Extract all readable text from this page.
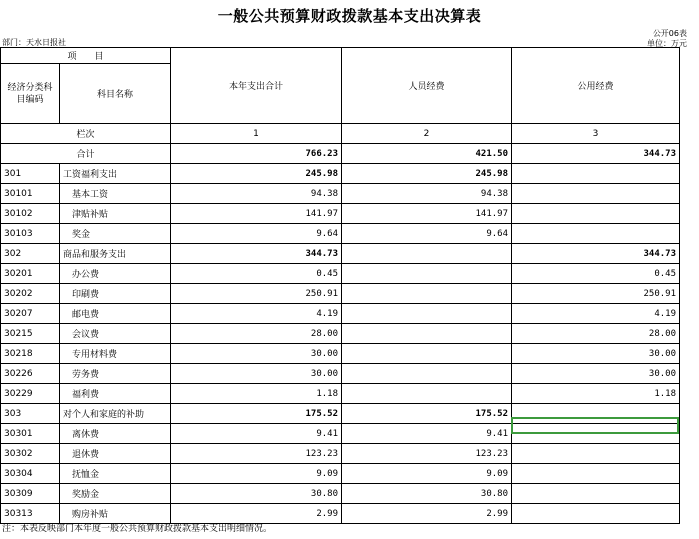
一般公共预算财政拨款基本支出决算表
部门：天水日报社
公开06表
单位：万元
项　　目		本年支出合计	人员经费	公用经费
经济分类科目编码	科目名称			

栏次		1	2	3
合计		766.23	421.50	344.73
301	工资福利支出	245.98	245.98	
30101	基本工资	94.38	94.38	
30102	津贴补贴	141.97	141.97	
30103	奖金	9.64	9.64	
302	商品和服务支出	344.73		344.73
30201	办公费	0.45		0.45
30202	印刷费	250.91		250.91
30207	邮电费	4.19		4.19
30215	会议费	28.00		28.00
30218	专用材料费	30.00		30.00
30226	劳务费	30.00		30.00
30229	福利费	1.18		1.18
303	对个人和家庭的补助	175.52	175.52	
30301	离休费	9.41	9.41	
30302	退休费	123.23	123.23	
30304	抚恤金	9.09	9.09	
30309	奖励金	30.80	30.80	
30313	购房补贴	2.99	2.99	
注：本表反映部门本年度一般公共预算财政拨款基本支出明细情况。
